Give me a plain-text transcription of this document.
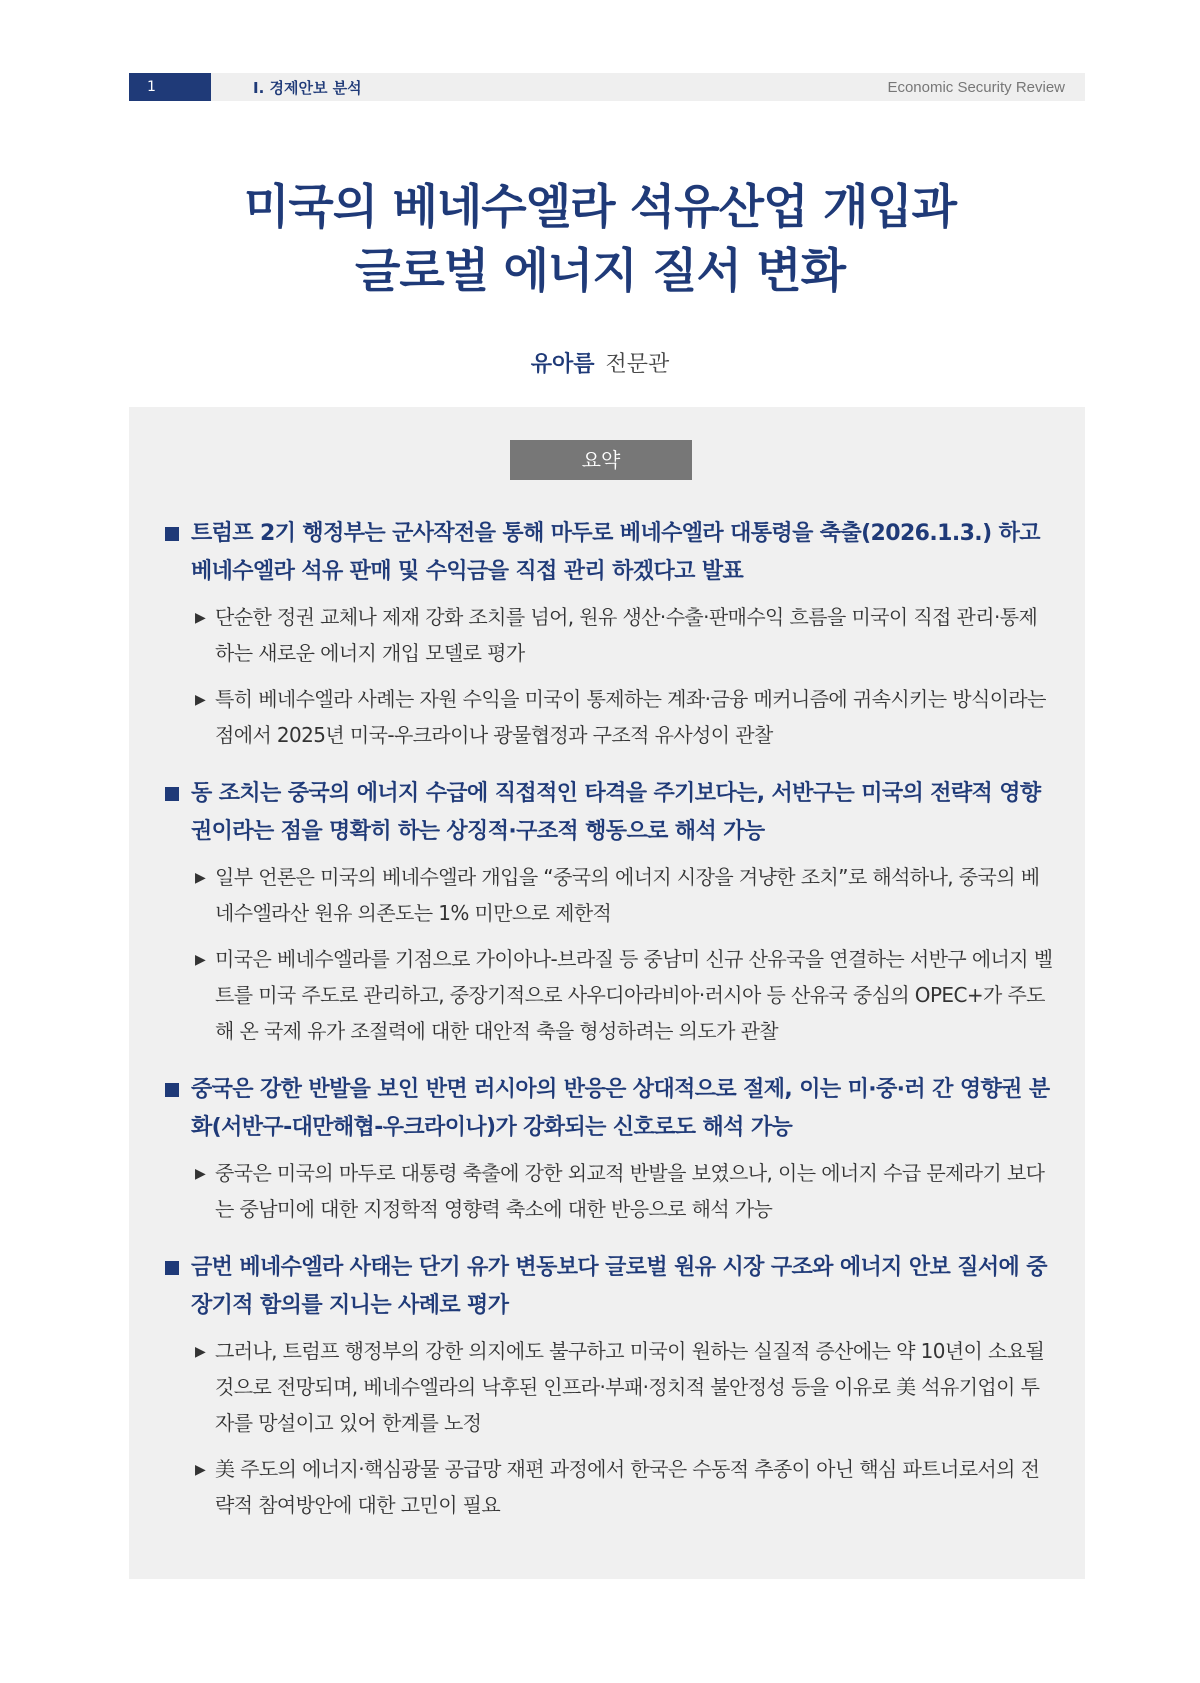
1	Ⅰ. 경제안보 분석	Economic Security Review
미국의 베네수엘라 석유산업 개입과
글로벌 에너지 질서 변화
유아름 전문관
요약
트럼프 2기 행정부는 군사작전을 통해 마두로 베네수엘라 대통령을 축출(2026.1.3.) 하고 베네수엘라 석유 판매 및 수익금을 직접 관리 하겠다고 발표
▶ 단순한 정권 교체나 제재 강화 조치를 넘어, 원유 생산·수출·판매수익 흐름을 미국이 직접 관리·통제하는 새로운 에너지 개입 모델로 평가
▶ 특히 베네수엘라 사례는 자원 수익을 미국이 통제하는 계좌·금융 메커니즘에 귀속시키는 방식이라는 점에서 2025년 미국-우크라이나 광물협정과 구조적 유사성이 관찰
동 조치는 중국의 에너지 수급에 직접적인 타격을 주기보다는, 서반구는 미국의 전략적 영향권이라는 점을 명확히 하는 상징적·구조적 행동으로 해석 가능
▶ 일부 언론은 미국의 베네수엘라 개입을 “중국의 에너지 시장을 겨냥한 조치”로 해석하나, 중국의 베네수엘라산 원유 의존도는 1% 미만으로 제한적
▶ 미국은 베네수엘라를 기점으로 가이아나-브라질 등 중남미 신규 산유국을 연결하는 서반구 에너지 벨트를 미국 주도로 관리하고, 중장기적으로 사우디아라비아·러시아 등 산유국 중심의 OPEC+가 주도해 온 국제 유가 조절력에 대한 대안적 축을 형성하려는 의도가 관찰
중국은 강한 반발을 보인 반면 러시아의 반응은 상대적으로 절제, 이는 미·중·러 간 영향권 분화(서반구-대만해협-우크라이나)가 강화되는 신호로도 해석 가능
▶ 중국은 미국의 마두로 대통령 축출에 강한 외교적 반발을 보였으나, 이는 에너지 수급 문제라기 보다는 중남미에 대한 지정학적 영향력 축소에 대한 반응으로 해석 가능
금번 베네수엘라 사태는 단기 유가 변동보다 글로벌 원유 시장 구조와 에너지 안보 질서에 중장기적 함의를 지니는 사례로 평가
▶ 그러나, 트럼프 행정부의 강한 의지에도 불구하고 미국이 원하는 실질적 증산에는 약 10년이 소요될 것으로 전망되며, 베네수엘라의 낙후된 인프라·부패·정치적 불안정성 등을 이유로 美 석유기업이 투자를 망설이고 있어 한계를 노정
▶ 美 주도의 에너지·핵심광물 공급망 재편 과정에서 한국은 수동적 추종이 아닌 핵심 파트너로서의 전략적 참여방안에 대한 고민이 필요
